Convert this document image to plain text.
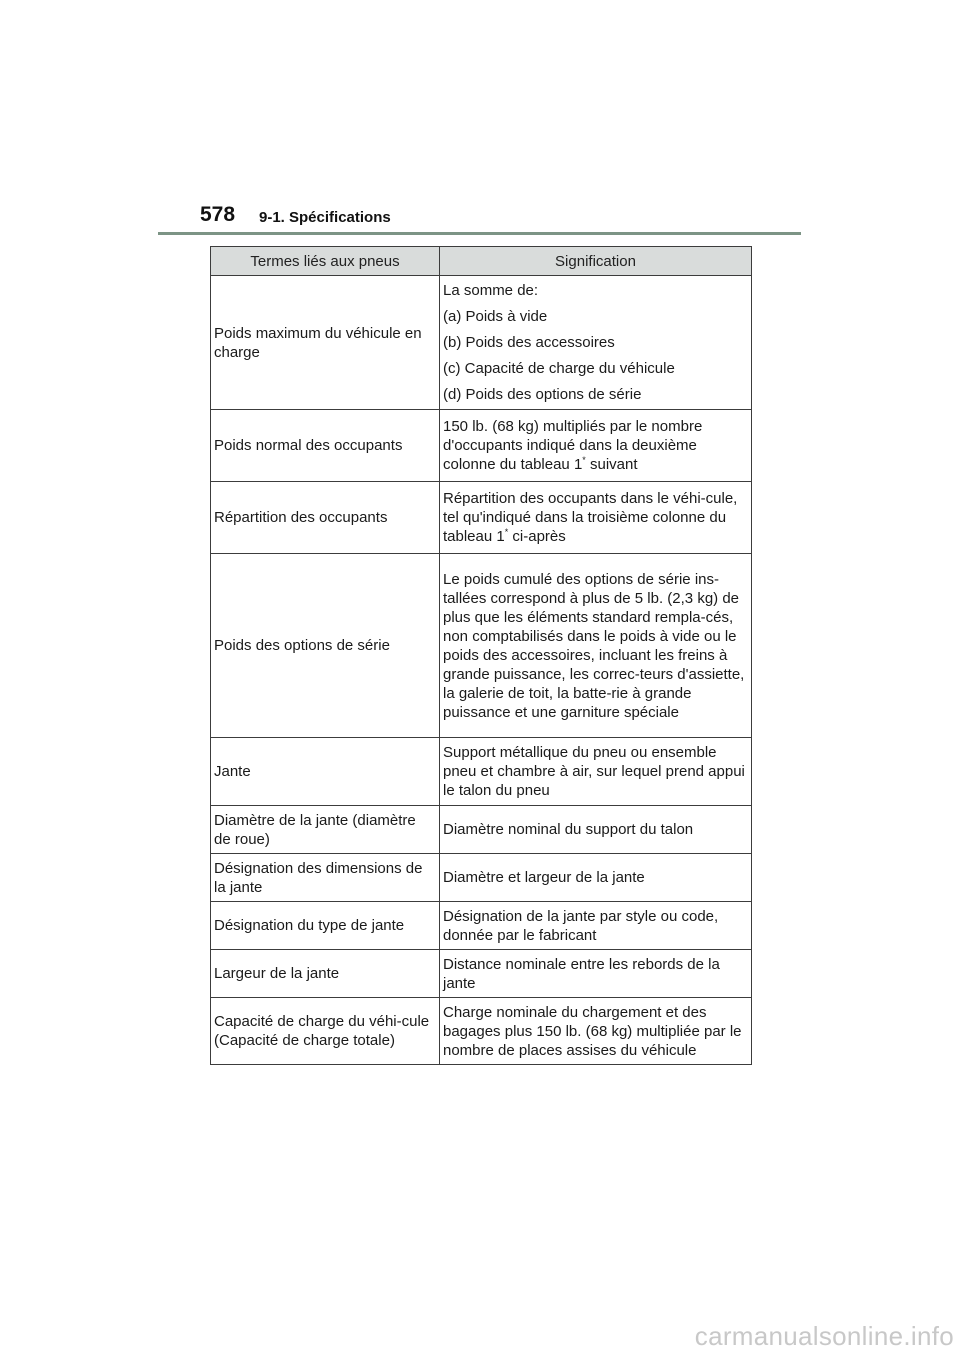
578 9-1. Spécifications
Termes liés aux pneus	Signification
Poids maximum du véhicule en charge	La somme de:
(a) Poids à vide
(b) Poids des accessoires
(c) Capacité de charge du véhicule
(d) Poids des options de série

Poids normal des occupants	150 lb. (68 kg) multipliés par le nombre d'occupants indiqué dans la deuxième colonne du tableau 1* suivant
Répartition des occupants	Répartition des occupants dans le véhi-cule, tel qu'indiqué dans la troisième colonne du tableau 1* ci-après
Poids des options de série	Le poids cumulé des options de série ins-tallées correspond à plus de 5 lb. (2,3 kg) de plus que les éléments standard rempla-cés, non comptabilisés dans le poids à vide ou le poids des accessoires, incluant les freins à grande puissance, les correc-teurs d'assiette, la galerie de toit, la batte-rie à grande puissance et une garniture spéciale
Jante	Support métallique du pneu ou ensemble pneu et chambre à air, sur lequel prend appui le talon du pneu
Diamètre de la jante (diamètre de roue)	Diamètre nominal du support du talon
Désignation des dimensions de la jante	Diamètre et largeur de la jante
Désignation du type de jante	Désignation de la jante par style ou code, donnée par le fabricant
Largeur de la jante	Distance nominale entre les rebords de la jante
Capacité de charge du véhi-cule (Capacité de charge totale)	Charge nominale du chargement et des bagages plus 150 lb. (68 kg) multipliée par le nombre de places assises du véhicule
carmanualsonline.info
